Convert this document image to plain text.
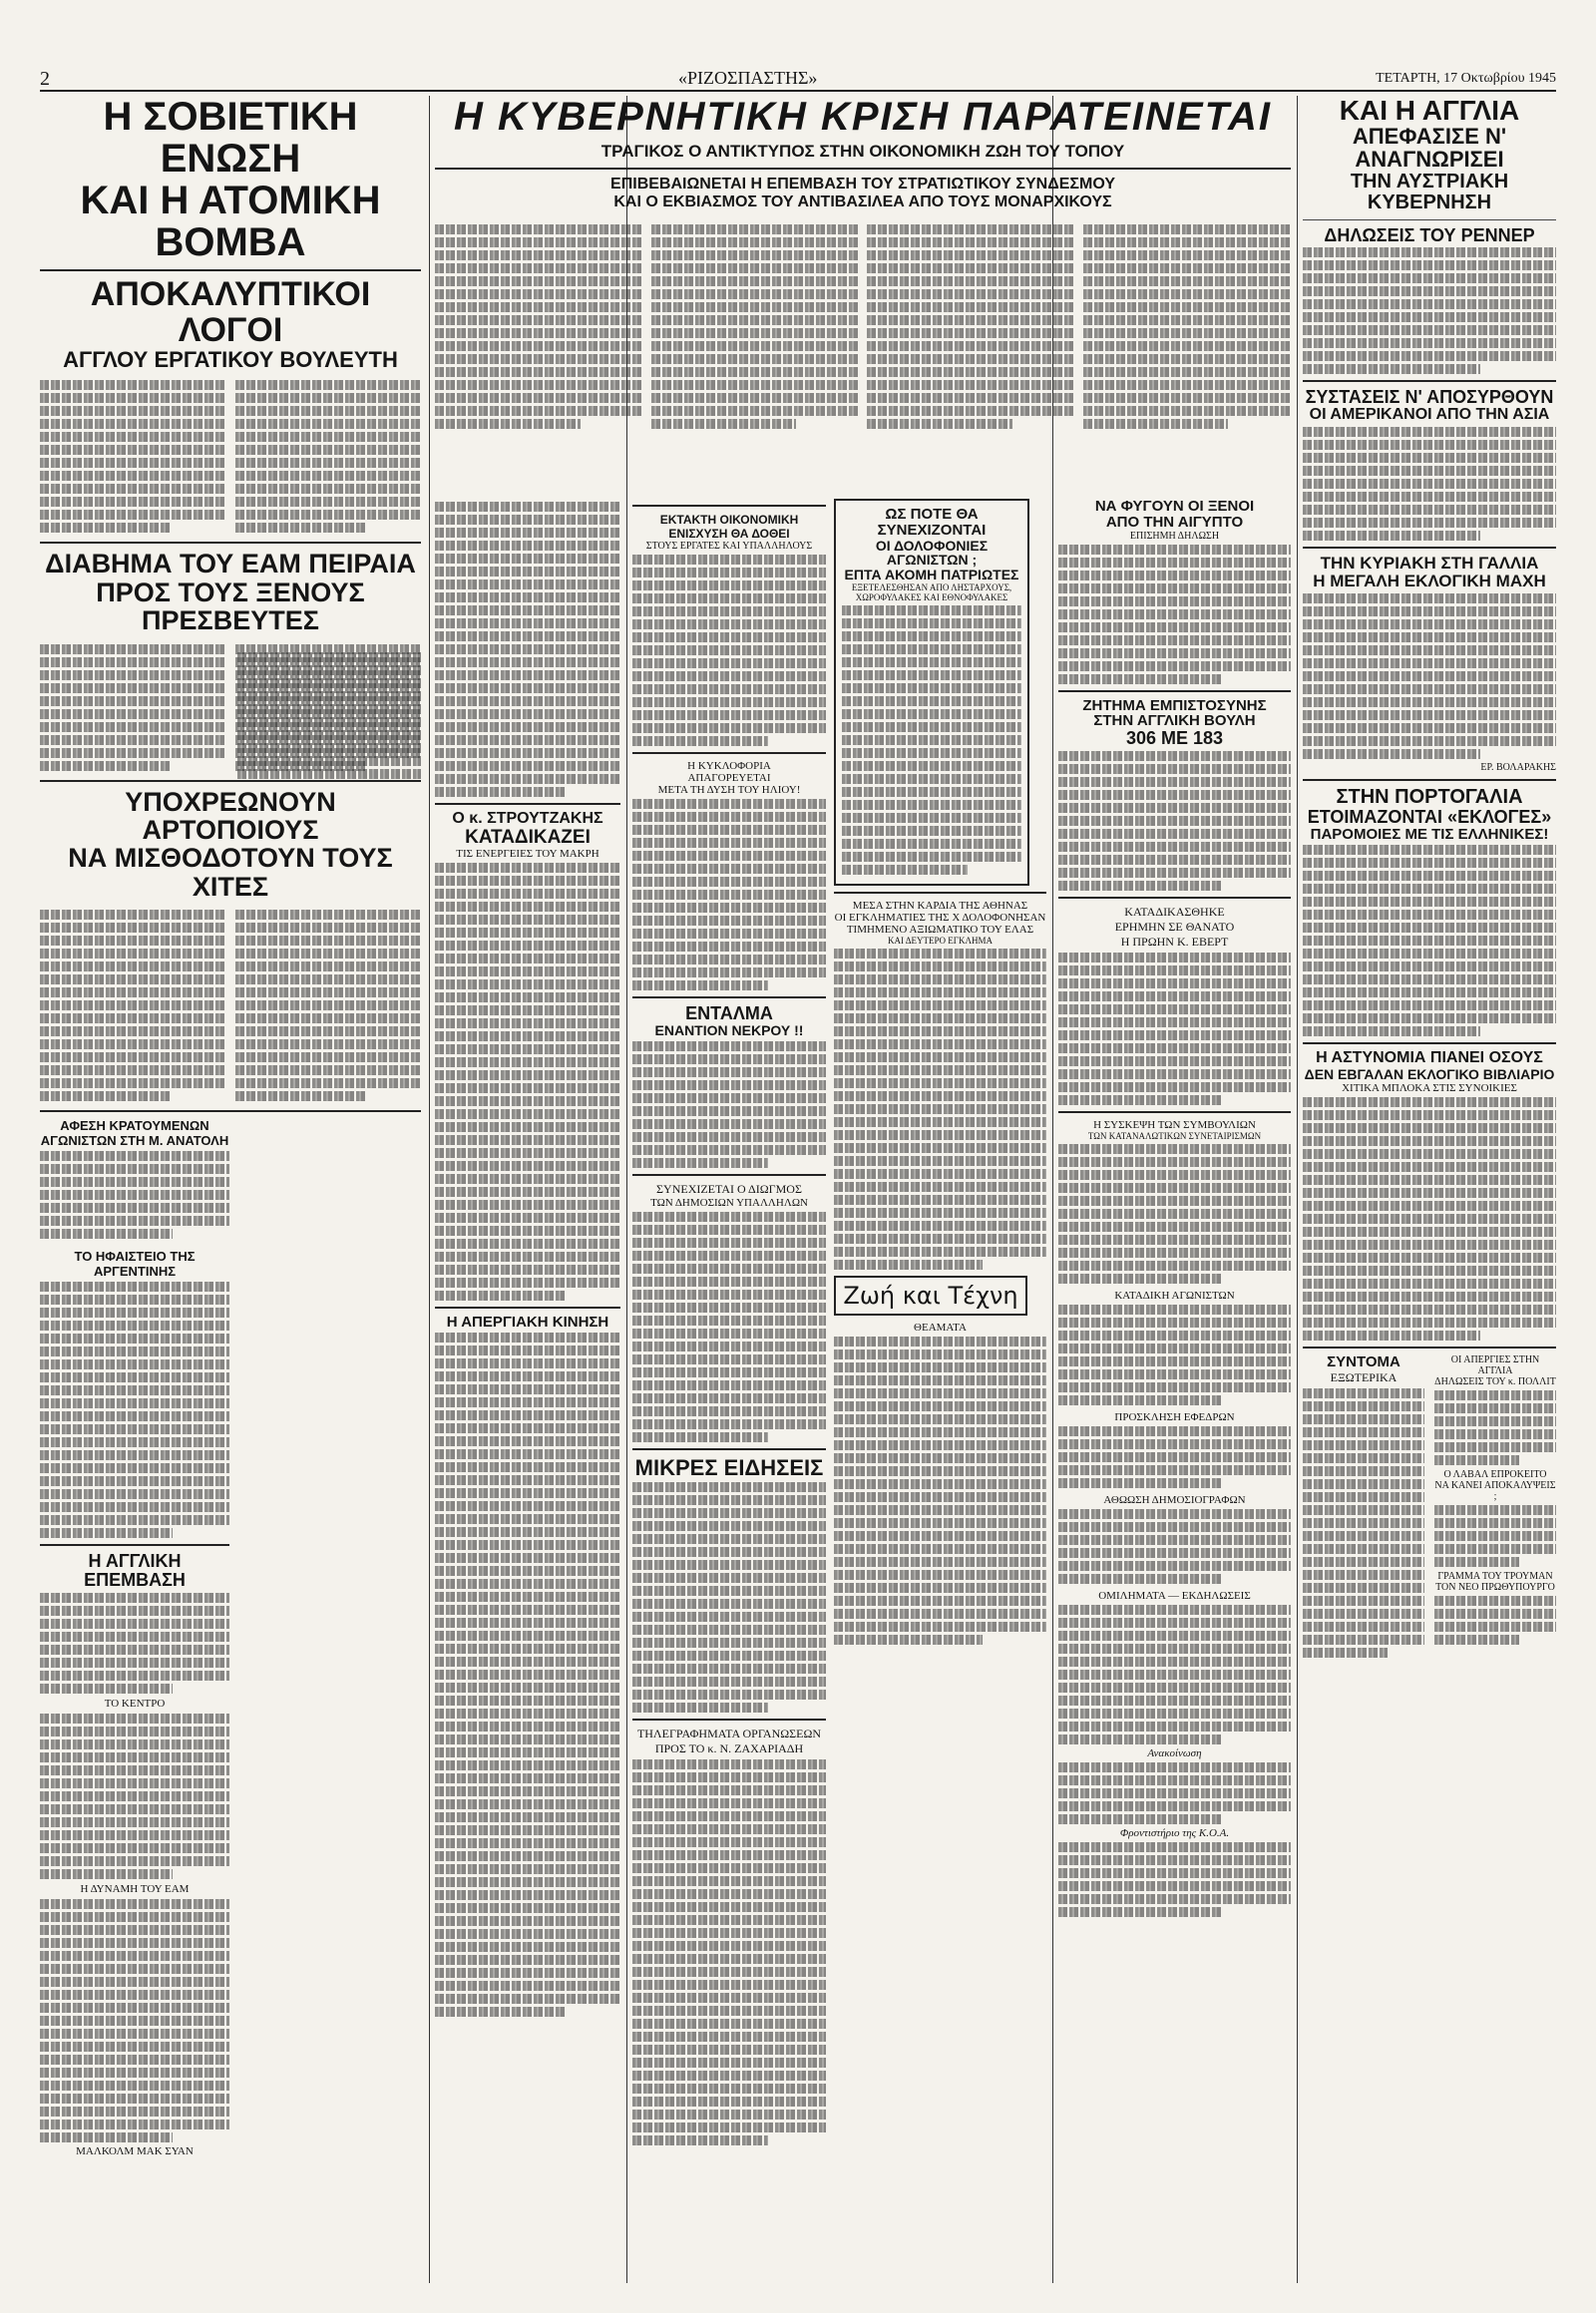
2	«ΡΙΖΟΣΠΑΣΤΗΣ»	ΤΕΤΑΡΤΗ, 17 Οκτωβρίου 1945
Η ΣΟΒΙΕΤΙΚΗ ΕΝΩΣΗ
ΚΑΙ Η ΑΤΟΜΙΚΗ ΒΟΜΒΑ
ΑΠΟΚΑΛΥΠΤΙΚΟΙ ΛΟΓΟΙ
ΑΓΓΛΟΥ ΕΡΓΑΤΙΚΟΥ ΒΟΥΛΕΥΤΗ
ΔΙΑΒΗΜΑ ΤΟΥ ΕΑΜ ΠΕΙΡΑΙΑ
ΠΡΟΣ ΤΟΥΣ ΞΕΝΟΥΣ ΠΡΕΣΒΕΥΤΕΣ
ΥΠΟΧΡΕΩΝΟΥΝ ΑΡΤΟΠΟΙΟΥΣ
ΝΑ ΜΙΣΘΟΔΟΤΟΥΝ ΤΟΥΣ ΧΙΤΕΣ
ΑΦΕΣΗ ΚΡΑΤΟΥΜΕΝΩΝ
ΑΓΩΝΙΣΤΩΝ ΣΤΗ Μ. ΑΝΑΤΟΛΗ
ΤΟ ΗΦΑΙΣΤΕΙΟ ΤΗΣ ΑΡΓΕΝΤΙΝΗΣ
Η ΑΓΓΛΙΚΗ ΕΠΕΜΒΑΣΗ
ΤΟ ΚΕΝΤΡΟ
Η ΔΥΝΑΜΗ ΤΟΥ ΕΑΜ
ΜΑΛΚΟΛΜ ΜΑΚ ΣΥΑΝ
Ο κ. ΣΤΡΟΥΤΖΑΚΗΣ
ΚΑΤΑΔΙΚΑΖΕΙ
ΤΙΣ ΕΝΕΡΓΕΙΕΣ ΤΟΥ ΜΑΚΡΗ
Η ΑΠΕΡΓΙΑΚΗ ΚΙΝΗΣΗ
Η ΚΥΒΕΡΝΗΤΙΚΗ ΚΡΙΣΗ ΠΑΡΑΤΕΙΝΕΤΑΙ
ΤΡΑΓΙΚΟΣ Ο ΑΝΤΙΚΤΥΠΟΣ ΣΤΗΝ ΟΙΚΟΝΟΜΙΚΗ ΖΩΗ ΤΟΥ ΤΟΠΟΥ
ΕΠΙΒΕΒΑΙΩΝΕΤΑΙ Η ΕΠΕΜΒΑΣΗ ΤΟΥ ΣΤΡΑΤΙΩΤΙΚΟΥ ΣΥΝΔΕΣΜΟΥ
ΚΑΙ Ο ΕΚΒΙΑΣΜΟΣ ΤΟΥ ΑΝΤΙΒΑΣΙΛΕΑ ΑΠΟ ΤΟΥΣ ΜΟΝΑΡΧΙΚΟΥΣ
ΕΚΤΑΚΤΗ ΟΙΚΟΝΟΜΙΚΗ
ΕΝΙΣΧΥΣΗ ΘΑ ΔΟΘΕΙ
ΣΤΟΥΣ ΕΡΓΑΤΕΣ ΚΑΙ ΥΠΑΛΛΗΛΟΥΣ
Η ΚΥΚΛΟΦΟΡΙΑ
ΑΠΑΓΟΡΕΥΕΤΑΙ
ΜΕΤΑ ΤΗ ΔΥΣΗ ΤΟΥ ΗΛΙΟΥ!
ΕΝΤΑΛΜΑ
ΕΝΑΝΤΙΟΝ ΝΕΚΡΟΥ !!
ΣΥΝΕΧΙΖΕΤΑΙ Ο ΔΙΩΓΜΟΣ
ΤΩΝ ΔΗΜΟΣΙΩΝ ΥΠΑΛΛΗΛΩΝ
ΜΙΚΡΕΣ ΕΙΔΗΣΕΙΣ
ΤΗΛΕΓΡΑΦΗΜΑΤΑ ΟΡΓΑΝΩΣΕΩΝ
ΠΡΟΣ ΤΟ κ. Ν. ΖΑΧΑΡΙΑΔΗ
ΩΣ ΠΟΤΕ ΘΑ ΣΥΝΕΧΙΖΟΝΤΑΙ
ΟΙ ΔΟΛΟΦΟΝΙΕΣ ΑΓΩΝΙΣΤΩΝ ;
ΕΠΤΑ ΑΚΟΜΗ ΠΑΤΡΙΩΤΕΣ
ΕΞΕΤΕΛΕΣΘΗΣΑΝ ΑΠΟ ΛΗΣΤΑΡΧΟΥΣ,
ΧΩΡΟΦΥΛΑΚΕΣ ΚΑΙ ΕΘΝΟΦΥΛΑΚΕΣ
ΜΕΣΑ ΣΤΗΝ ΚΑΡΔΙΑ ΤΗΣ ΑΘΗΝΑΣ
ΟΙ ΕΓΚΛΗΜΑΤΙΕΣ ΤΗΣ Χ ΔΟΛΟΦΟΝΗΣΑΝ
ΤΙΜΗΜΕΝΟ ΑΞΙΩΜΑΤΙΚΟ ΤΟΥ ΕΛΑΣ
ΚΑΙ ΔΕΥΤΕΡΟ ΕΓΚΛΗΜΑ
Ζωή και Τέχνη
ΘΕΑΜΑΤΑ
ΝΑ ΦΥΓΟΥΝ ΟΙ ΞΕΝΟΙ
ΑΠΟ ΤΗΝ ΑΙΓΥΠΤΟ
ΕΠΙΣΗΜΗ ΔΗΛΩΣΗ
ΖΗΤΗΜΑ ΕΜΠΙΣΤΟΣΥΝΗΣ
ΣΤΗΝ ΑΓΓΛΙΚΗ ΒΟΥΛΗ
306 ΜΕ 183
ΚΑΤΑΔΙΚΑΣΘΗΚΕ
ΕΡΗΜΗΝ ΣΕ ΘΑΝΑΤΟ
Η ΠΡΩΗΝ Κ. ΕΒΕΡΤ
Η ΣΥΣΚΕΨΗ ΤΩΝ ΣΥΜΒΟΥΛΙΩΝ
ΤΩΝ ΚΑΤΑΝΑΛΩΤΙΚΩΝ ΣΥΝΕΤΑΙΡΙΣΜΩΝ
ΚΑΤΑΔΙΚΗ ΑΓΩΝΙΣΤΩΝ
ΠΡΟΣΚΛΗΣΗ ΕΦΕΔΡΩΝ
ΑΘΩΩΣΗ ΔΗΜΟΣΙΟΓΡΑΦΩΝ
ΟΜΙΛΗΜΑΤΑ — ΕΚΔΗΛΩΣΕΙΣ
Ανακοίνωση
Φροντιστήριο της Κ.Ο.Α.
ΚΑΙ Η ΑΓΓΛΙΑ
ΑΠΕΦΑΣΙΣΕ Ν' ΑΝΑΓΝΩΡΙΣΕΙ
ΤΗΝ ΑΥΣΤΡΙΑΚΗ ΚΥΒΕΡΝΗΣΗ
ΔΗΛΩΣΕΙΣ ΤΟΥ ΡΕΝΝΕΡ
ΣΥΣΤΑΣΕΙΣ Ν' ΑΠΟΣΥΡΘΟΥΝ
ΟΙ ΑΜΕΡΙΚΑΝΟΙ ΑΠΟ ΤΗΝ ΑΣΙΑ
ΤΗΝ ΚΥΡΙΑΚΗ ΣΤΗ ΓΑΛΛΙΑ
Η ΜΕΓΑΛΗ ΕΚΛΟΓΙΚΗ ΜΑΧΗ
ΕΡ. ΒΟΛΑΡΑΚΗΣ
ΣΤΗΝ ΠΟΡΤΟΓΑΛΙΑ
ΕΤΟΙΜΑΖΟΝΤΑΙ «ΕΚΛΟΓΕΣ»
ΠΑΡΟΜΟΙΕΣ ΜΕ ΤΙΣ ΕΛΛΗΝΙΚΕΣ!
Η ΑΣΤΥΝΟΜΙΑ ΠΙΑΝΕΙ ΟΣΟΥΣ
ΔΕΝ ΕΒΓΑΛΑΝ ΕΚΛΟΓΙΚΟ ΒΙΒΛΙΑΡΙΟ
ΧΙΤΙΚΑ ΜΠΛΟΚΑ ΣΤΙΣ ΣΥΝΟΙΚΙΕΣ
ΣΥΝΤΟΜΑ
ΕΞΩΤΕΡΙΚΑ
ΟΙ ΑΠΕΡΓΙΕΣ ΣΤΗΝ ΑΓΓΛΙΑ
ΔΗΛΩΣΕΙΣ ΤΟΥ κ. ΠΟΛΛΙΤ
Ο ΛΑΒΑΛ ΕΠΡΟΚΕΙΤΟ
ΝΑ ΚΑΝΕΙ ΑΠΟΚΑΛΥΨΕΙΣ ;
ΓΡΑΜΜΑ ΤΟΥ ΤΡΟΥΜΑΝ
ΤΟΝ ΝΕΟ ΠΡΩΘΥΠΟΥΡΓΟ
